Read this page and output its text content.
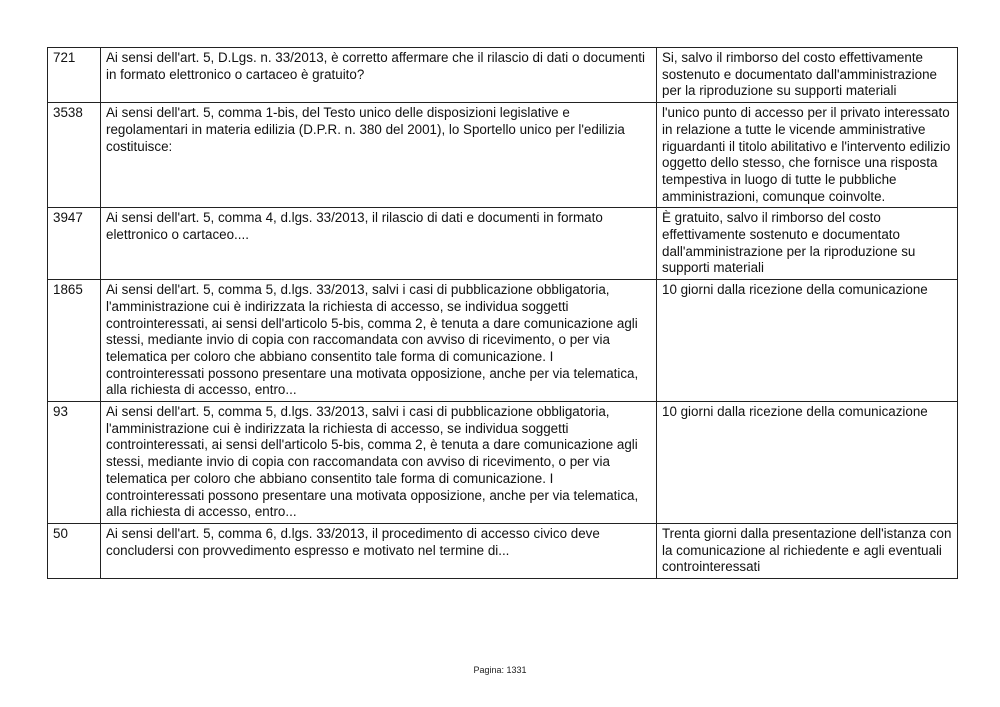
721	Ai sensi dell'art. 5, D.Lgs. n. 33/2013, è corretto affermare che il rilascio di dati o documenti in formato elettronico o cartaceo è gratuito?	Si, salvo il rimborso del costo effettivamente sostenuto e documentato dall'amministrazione per la riproduzione su supporti materiali
3538	Ai sensi dell'art. 5, comma 1-bis, del Testo unico delle disposizioni legislative e regolamentari in materia edilizia (D.P.R. n. 380 del 2001), lo Sportello unico per l'edilizia costituisce:	l'unico punto di accesso per il privato interessato in relazione a tutte le vicende amministrative riguardanti il titolo abilitativo e l'intervento edilizio oggetto dello stesso, che fornisce una risposta tempestiva in luogo di tutte le pubbliche amministrazioni, comunque coinvolte.
3947	Ai sensi dell'art. 5, comma 4, d.lgs. 33/2013, il rilascio di dati e documenti in formato elettronico o cartaceo....	È gratuito, salvo il rimborso del costo effettivamente sostenuto e documentato dall'amministrazione per la riproduzione su supporti materiali
1865	Ai sensi dell'art. 5, comma 5, d.lgs. 33/2013, salvi i casi di pubblicazione obbligatoria, l'amministrazione cui è indirizzata la richiesta di accesso, se individua soggetti controinteressati, ai sensi dell'articolo 5-bis, comma 2, è tenuta a dare comunicazione agli stessi, mediante invio di copia con raccomandata con avviso di ricevimento, o per via telematica per coloro che abbiano consentito tale forma di comunicazione. I controinteressati possono presentare una motivata opposizione, anche per via telematica, alla richiesta di accesso, entro...	10 giorni dalla ricezione della comunicazione
93	Ai sensi dell'art. 5, comma 5, d.lgs. 33/2013, salvi i casi di pubblicazione obbligatoria, l'amministrazione cui è indirizzata la richiesta di accesso, se individua soggetti controinteressati, ai sensi dell'articolo 5-bis, comma 2, è tenuta a dare comunicazione agli stessi, mediante invio di copia con raccomandata con avviso di ricevimento, o per via telematica per coloro che abbiano consentito tale forma di comunicazione. I controinteressati possono presentare una motivata opposizione, anche per via telematica, alla richiesta di accesso, entro...	10 giorni dalla ricezione della comunicazione
50	Ai sensi dell'art. 5, comma 6, d.lgs. 33/2013, il procedimento di accesso civico deve concludersi con provvedimento espresso e motivato nel termine di...	Trenta giorni dalla presentazione dell'istanza con la comunicazione al richiedente e agli eventuali controinteressati
Pagina: 1331
